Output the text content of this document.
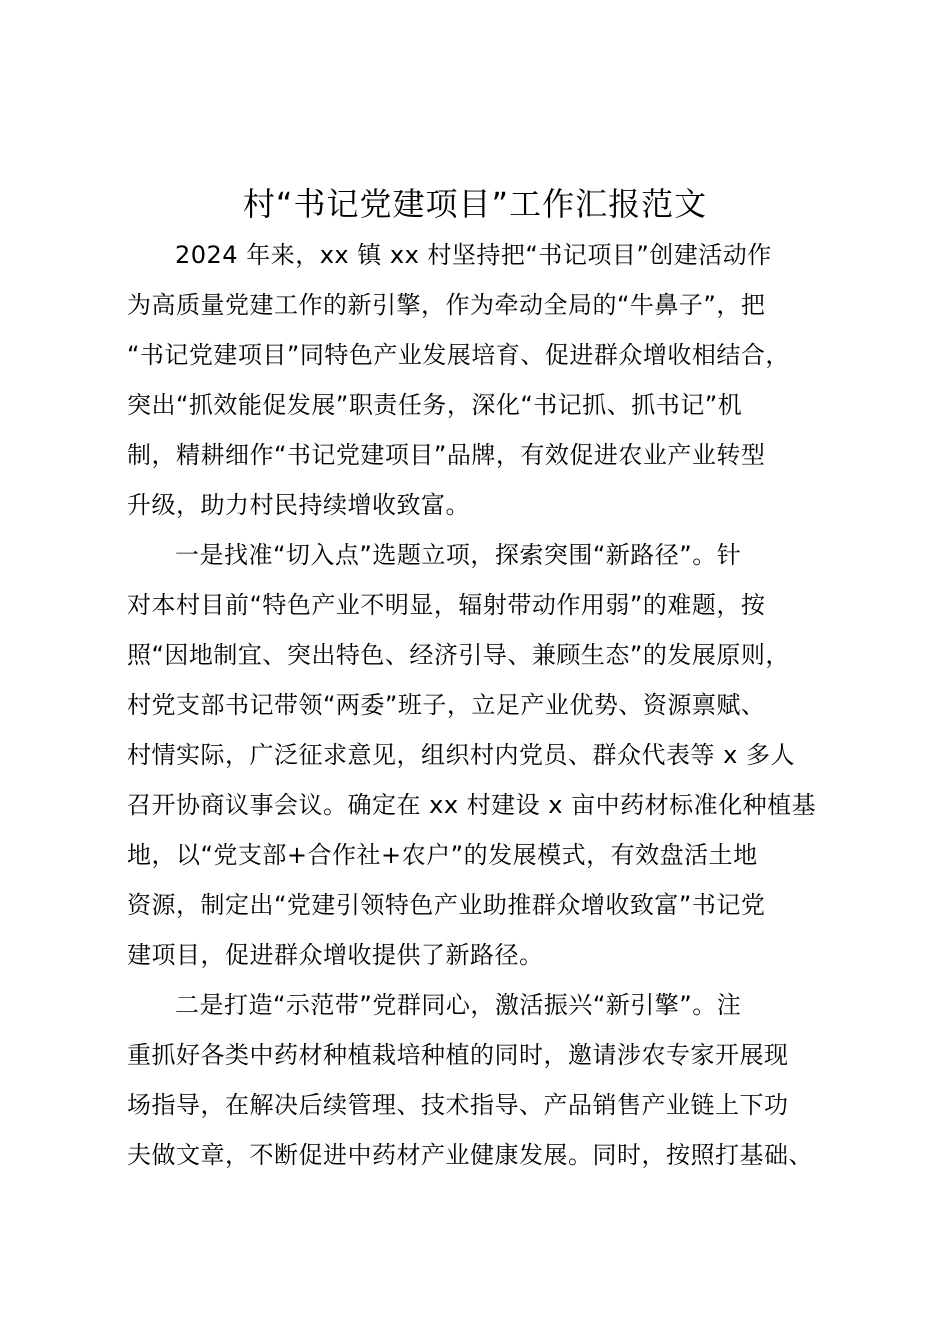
村“书记党建项目”工作汇报范文
2024 年来，xx 镇 xx 村坚持把“书记项目”创建活动作
为高质量党建工作的新引擎，作为牵动全局的“牛鼻子”，把
“书记党建项目”同特色产业发展培育、促进群众增收相结合，
突出“抓效能促发展”职责任务，深化“书记抓、抓书记”机
制，精耕细作“书记党建项目”品牌，有效促进农业产业转型
升级，助力村民持续增收致富。
一是找准“切入点”选题立项，探索突围“新路径”。针
对本村目前“特色产业不明显，辐射带动作用弱”的难题，按
照“因地制宜、突出特色、经济引导、兼顾生态”的发展原则，
村党支部书记带领“两委”班子，立足产业优势、资源禀赋、
村情实际，广泛征求意见，组织村内党员、群众代表等 x 多人
召开协商议事会议。确定在 xx 村建设 x 亩中药材标准化种植基
地，以“党支部+合作社+农户”的发展模式，有效盘活土地
资源，制定出“党建引领特色产业助推群众增收致富”书记党
建项目，促进群众增收提供了新路径。
二是打造“示范带”党群同心，激活振兴“新引擎”。注
重抓好各类中药材种植栽培种植的同时，邀请涉农专家开展现
场指导，在解决后续管理、技术指导、产品销售产业链上下功
夫做文章，不断促进中药材产业健康发展。同时，按照打基础、
